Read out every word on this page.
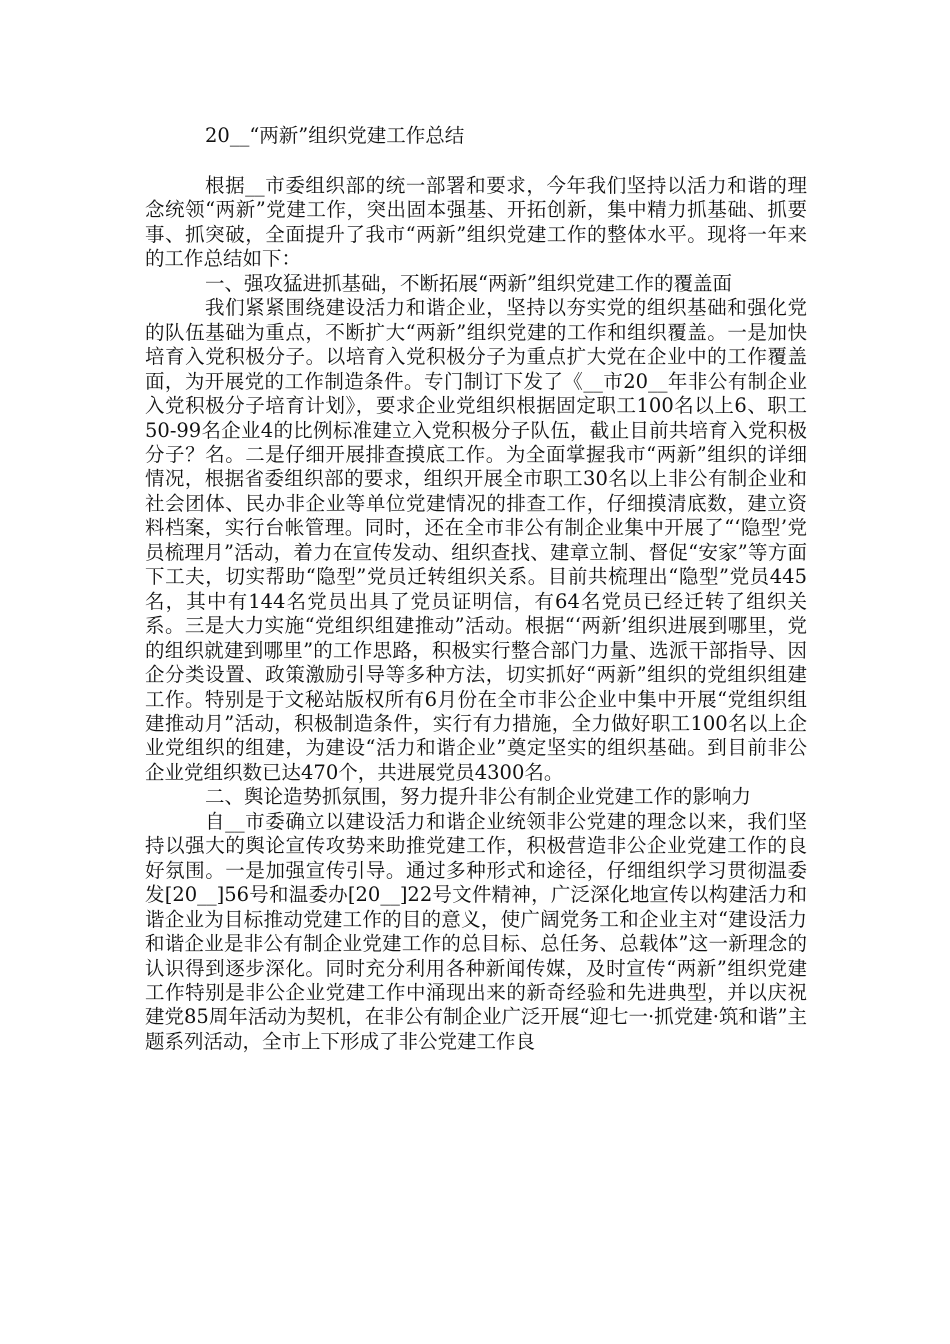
20__“两新”组织党建工作总结

根据__市委组织部的统一部署和要求，今年我们坚持以活力和谐的理念统领“两新”党建工作，突出固本强基、开拓创新，集中精力抓基础、抓要事、抓突破，全面提升了我市“两新”组织党建工作的整体水平。现将一年来的工作总结如下：

一、强攻猛进抓基础，不断拓展“两新”组织党建工作的覆盖面

我们紧紧围绕建设活力和谐企业，坚持以夯实党的组织基础和强化党的队伍基础为重点，不断扩大“两新”组织党建的工作和组织覆盖。一是加快培育入党积极分子。以培育入党积极分子为重点扩大党在企业中的工作覆盖面，为开展党的工作制造条件。专门制订下发了《__市20__年非公有制企业入党积极分子培育计划》，要求企业党组织根据固定职工100名以上6、职工50-99名企业4的比例标准建立入党积极分子队伍，截止目前共培育入党积极分子？名。二是仔细开展排查摸底工作。为全面掌握我市“两新”组织的详细情况，根据省委组织部的要求，组织开展全市职工30名以上非公有制企业和社会团体、民办非企业等单位党建情况的排查工作，仔细摸清底数，建立资料档案，实行台帐管理。同时，还在全市非公有制企业集中开展了“‘隐型’党员梳理月”活动，着力在宣传发动、组织查找、建章立制、督促“安家”等方面下工夫，切实帮助“隐型”党员迁转组织关系。目前共梳理出“隐型”党员445名，其中有144名党员出具了党员证明信，有64名党员已经迁转了组织关系。三是大力实施“党组织组建推动”活动。根据“‘两新’组织进展到哪里，党的组织就建到哪里”的工作思路，积极实行整合部门力量、选派干部指导、因企分类设置、政策激励引导等多种方法，切实抓好“两新”组织的党组织组建工作。特别是于文秘站版权所有6月份在全市非公企业中集中开展“党组织组建推动月”活动，积极制造条件，实行有力措施，全力做好职工100名以上企业党组织的组建，为建设“活力和谐企业”奠定坚实的组织基础。到目前非公企业党组织数已达470个，共进展党员4300名。

二、舆论造势抓氛围，努力提升非公有制企业党建工作的影响力

自__市委确立以建设活力和谐企业统领非公党建的理念以来，我们坚持以强大的舆论宣传攻势来助推党建工作，积极营造非公企业党建工作的良好氛围。一是加强宣传引导。通过多种形式和途径，仔细组织学习贯彻温委发[20__]56号和温委办[20__]22号文件精神，广泛深化地宣传以构建活力和谐企业为目标推动党建工作的目的意义，使广阔党务工和企业主对“建设活力和谐企业是非公有制企业党建工作的总目标、总任务、总载体”这一新理念的认识得到逐步深化。同时充分利用各种新闻传媒，及时宣传“两新”组织党建工作特别是非公企业党建工作中涌现出来的新奇经验和先进典型，并以庆祝建党85周年活动为契机，在非公有制企业广泛开展“迎七一·抓党建·筑和谐”主题系列活动，全市上下形成了非公党建工作良
